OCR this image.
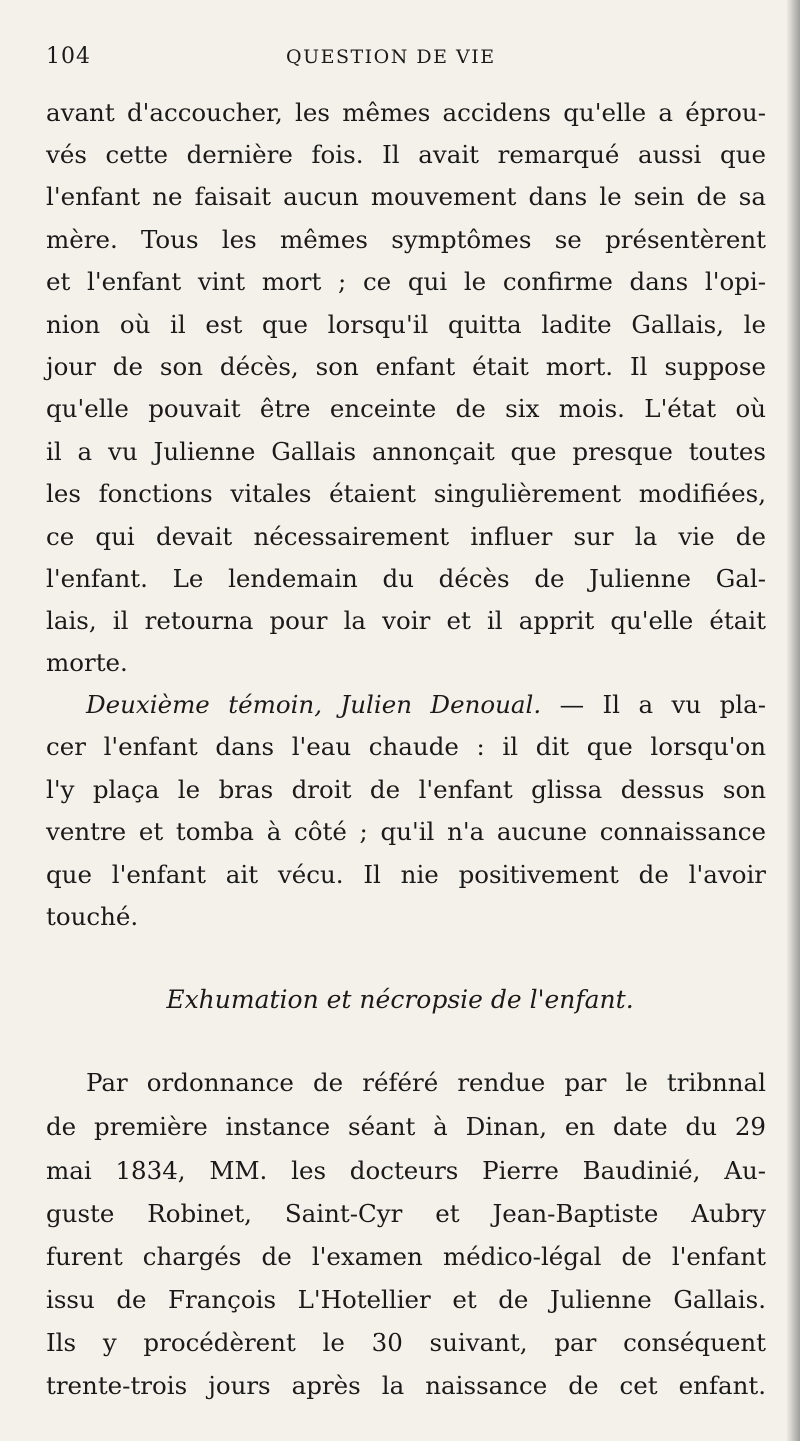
104	QUESTION DE VIE
avant d'accoucher, les mêmes accidens qu'elle a éprou-
vés cette dernière fois. Il avait remarqué aussi que
l'enfant ne faisait aucun mouvement dans le sein de sa
mère. Tous les mêmes symptômes se présentèrent
et l'enfant vint mort ; ce qui le confirme dans l'opi-
nion où il est que lorsqu'il quitta ladite Gallais, le
jour de son décès, son enfant était mort. Il suppose
qu'elle pouvait être enceinte de six mois. L'état où
il a vu Julienne Gallais annonçait que presque toutes
les fonctions vitales étaient singulièrement modifiées,
ce qui devait nécessairement influer sur la vie de
l'enfant. Le lendemain du décès de Julienne Gal-
lais, il retourna pour la voir et il apprit qu'elle était
morte.
Deuxième témoin, Julien Denoual. — Il a vu pla-
cer l'enfant dans l'eau chaude : il dit que lorsqu'on
l'y plaça le bras droit de l'enfant glissa dessus son
ventre et tomba à côté ; qu'il n'a aucune connaissance
que l'enfant ait vécu. Il nie positivement de l'avoir
touché.
Exhumation et nécropsie de l'enfant.
Par ordonnance de référé rendue par le tribnnal
de première instance séant à Dinan, en date du 29
mai 1834, MM. les docteurs Pierre Baudinié, Au-
guste Robinet, Saint-Cyr et Jean-Baptiste Aubry
furent chargés de l'examen médico-légal de l'enfant
issu de François L'Hotellier et de Julienne Gallais.
Ils y procédèrent le 30 suivant, par conséquent
trente-trois jours après la naissance de cet enfant.
